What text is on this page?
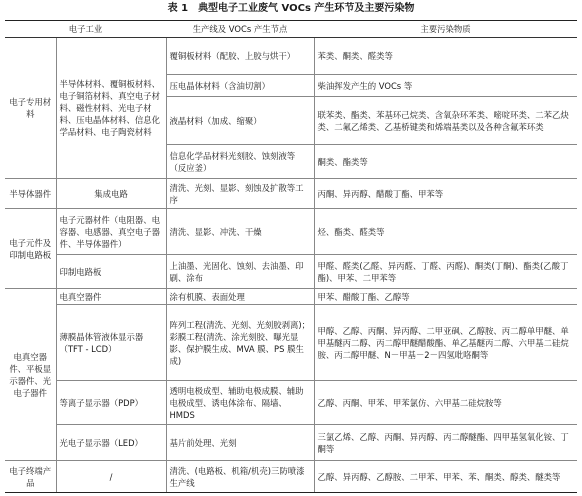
表 1 典型电子工业废气 VOCs 产生环节及主要污染物
电子工业		生产线及 VOCs 产生节点	主要污染物质
电子专用材料	半导体材料、覆铜板材料、电子铜箔材料、真空电子材料、磁性材料、光电子材料、压电晶体材料、信息化学品材料、电子陶瓷材料	覆铜板材料（配胶、上胶与烘干）	苯类、酮类、醛类等
		压电晶体材料（含油切割）	柴油挥发产生的 VOCs 等
		液晶材料（加成、缩聚）	联苯类、酯类、苯基环己烷类、含氧杂环苯类、嘧啶环类、二苯乙炔类、二氟乙烯类、乙基桥键类和烯端基类以及各种含氟苯环类
		信息化学品材料光刻胶、蚀刻液等（反应釜）	酮类、酯类等
半导体器件	集成电路	清洗、光刻、显影、刻蚀及扩散等工序	丙酮、异丙醇、醋酸丁酯、甲苯等
电子元件及印制电路板	电子元器材件（电阻器、电容器、电感器、真空电子器件、半导体器件）	清洗、显影、冲洗、干燥	烃、酯类、醛类等
	印制电路板	上油墨、光固化、蚀刻、去油墨、印刷、涂布	甲醛、醛类(乙醛、异丙醛、丁醛、丙醛)、酮类(丁酮)、酯类(乙酸丁酯)、甲苯、二甲苯等
电真空器件、平板显示器件、光电子器件	电真空器件	涂有机膜、表面处理	甲苯、醋酸丁酯、乙醇等
	薄膜晶体管液体显示器（TFT - LCD）	阵列工程(清洗、光刻、光刻胶剥离)；彩膜工程(清洗、涂光刻胶、曝光显影、保护膜生成、MVA 膜、PS 膜生成)	甲醇、乙醇、丙酮、异丙醇、二甲亚砜、乙醇胺、丙二醇单甲醚、单甲基醚丙二醇、丙二醇甲醚醋酸酯、单乙基醚丙二醇、六甲基二硅烷胺、丙二醇甲醚、N－甲基－2－四氢吡咯酮等
	等离子显示器（PDP）	透明电极成型、辅助电极成膜、辅助电极成型、诱电体涂布、隔墙、HMDS	乙醇、丙酮、甲苯、甲苯氯仿、六甲基二硅烷胺等
	光电子显示器（LED）	基片前处理、光刻	三氯乙烯、乙醇、丙酮、异丙醇、丙二醇醚酯、四甲基氢氧化铵、丁酮等
电子终端产品	/	清洗、(电路板、机箱/机壳)三防喷漆生产线	乙醇、异丙醇、乙醇胺、二甲苯、甲苯、苯、酮类、醇类、醚类等
